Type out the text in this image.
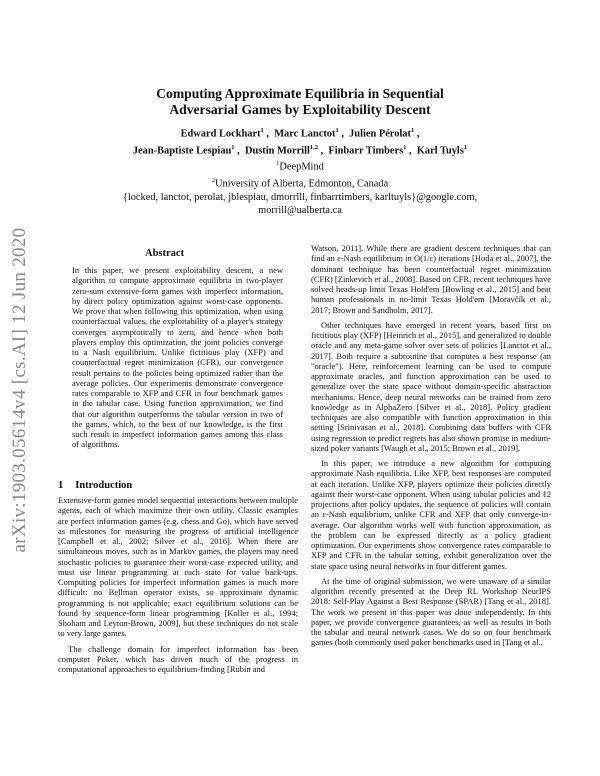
arXiv:1903.05614v4 [cs.AI] 12 Jun 2020
Computing Approximate Equilibria in Sequential
Adversarial Games by Exploitability Descent
Edward Lockhart$^1$ ,  Marc Lanctot$^1$ ,  Julien Pérolat$^1$ ,
Jean-Baptiste Lespiau$^1$ ,  Dustin Morrill$^{1,2}$ ,  Finbarr Timbers$^1$ ,  Karl Tuyls$^1$
$^1$DeepMind
$^2$University of Alberta, Edmonton, Canada
{locked, lanctot, perolat, jblespiau, dmorrill, finbarrtimbers, karltuyls}@google.com,
morrill@ualberta.ca
Abstract

In this paper, we present exploitability descent, a new algorithm to compute approximate equilibria in two-player zero-sum extensive-form games with imperfect information, by direct policy optimization against worst-case opponents. We prove that when following this optimization, when using counterfactual values, the exploitability of a player's strategy converges asymptotically to zero, and hence when both players employ this optimization, the joint policies converge to a Nash equilibrium. Unlike fictitious play (XFP) and counterfactual regret minimization (CFR), our convergence result pertains to the policies being optimized rather than the average policies. Our experiments demonstrate convergence rates comparable to XFP and CFR in four benchmark games in the tabular case. Using function approximation, we find that our algorithm outperforms the tabular version in two of the games, which, to the best of our knowledge, is the first such result in imperfect information games among this class of algorithms.

1 Introduction

Extensive-form games model sequential interactions between multiple agents, each of which maximize their own utility. Classic examples are perfect information games (e.g. chess and Go), which have served as milestones for measuring the progress of artificial intelligence [Campbell et al., 2002; Silver et al., 2016]. When there are simultaneous moves, such as in Markov games, the players may need stochastic policies to guarantee their worst-case expected utility, and must use linear programming at each state for value back-ups. Computing policies for imperfect information games is much more difficult: no Bellman operator exists, so approximate dynamic programming is not applicable; exact equilibrium solutions can be found by sequence-form linear programming [Koller et al., 1994; Shoham and Leyton-Brown, 2009], but these techniques do not scale to very large games.

The challenge domain for imperfect information has been computer Poker, which has driven much of the progress in computational approaches to equilibrium-finding [Rubin and

Watson, 2011]. While there are gradient descent techniques that can find an ε-Nash equilibrium in O(1/ε) iterations [Hoda et al., 2007], the dominant technique has been counterfactual regret minimization (CFR) [Zinkevich et al., 2008]. Based on CFR, recent techniques have solved heads-up limit Texas Hold'em [Bowling et al., 2015] and beat human professionals in no-limit Texas Hold'em [Moravčík et al., 2017; Brown and Sandholm, 2017].

Other techniques have emerged in recent years, based first on fictitious play (XFP) [Heinrich et al., 2015], and generalized to double oracle and any meta-game solver over sets of policies [Lanctot et al., 2017]. Both require a subroutine that computes a best response (an "oracle"). Here, reinforcement learning can be used to compute approximate oracles, and function approximation can be used to generalize over the state space without domain-specific abstraction mechanisms. Hence, deep neural networks can be trained from zero knowledge as in AlphaZero [Silver et al., 2018]. Policy gradient techniques are also compatible with function approximation in this setting [Srinivasan et al., 2018]. Combining data buffers with CFR using regression to predict regrets has also shown promise in medium-sized poker variants [Waugh et al., 2015; Brown et al., 2019].

In this paper, we introduce a new algorithm for computing approximate Nash equilibria. Like XFP, best responses are computed at each iteration. Unlike XFP, players optimize their policies directly against their worst-case opponent. When using tabular policies and ℓ2 projections after policy updates, the sequence of policies will contain an ε-Nash equilibrium, unlike CFR and XFP that only converge-in-average. Our algorithm works well with function approximation, as the problem can be expressed directly as a policy gradient optimization. Our experiments show convergence rates comparable to XFP and CFR in the tabular setting, exhibit generalization over the state space using neural networks in four different games.

At the time of original submission, we were unaware of a similar algorithm recently presented at the Deep RL Workshop NeurIPS 2018: Self-Play Against a Best Response (SPAR) [Tang et al., 2018]. The work we present in this paper was done independently. In this paper, we provide convergence guarantees, as well as results in both the tabular and neural network cases. We do so on four benchmark games (both commonly used poker benchmarks used in [Tang et al.,
